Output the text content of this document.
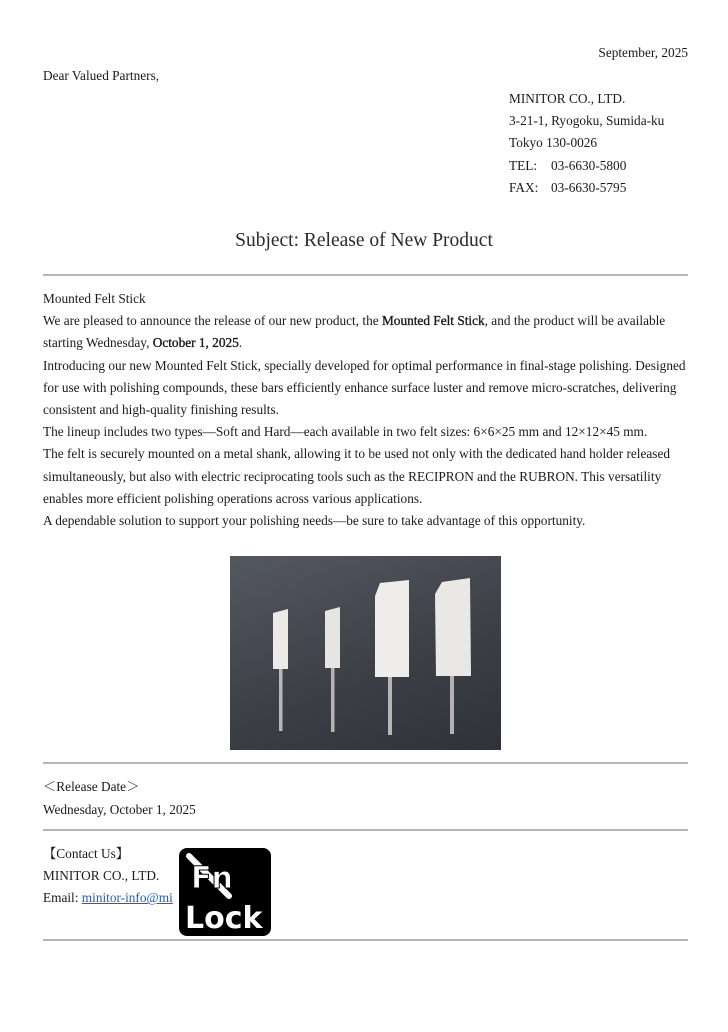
September, 2025
Dear Valued Partners,
MINITOR CO., LTD.
3-21-1, Ryogoku, Sumida-ku
Tokyo 130-0026
TEL: 03-6630-5800
FAX: 03-6630-5795
Subject: Release of New Product

Mounted Felt Stick

We are pleased to announce the release of our new product, the Mounted Felt Stick, and the product will be available starting Wednesday, October 1, 2025.

Introducing our new Mounted Felt Stick, specially developed for optimal performance in final-stage polishing. Designed for use with polishing compounds, these bars efficiently enhance surface luster and remove micro-scratches, delivering consistent and high-quality finishing results.

The lineup includes two types—Soft and Hard—each available in two felt sizes: 6×6×25 mm and 12×12×45 mm.

The felt is securely mounted on a metal shank, allowing it to be used not only with the dedicated hand holder released simultaneously, but also with electric reciprocating tools such as the RECIPRON and the RUBRON. This versatility enables more efficient polishing operations across various applications.

A dependable solution to support your polishing needs—be sure to take advantage of this opportunity.

＜Release Date＞
Wednesday, October 1, 2025
【Contact Us】
MINITOR CO., LTD.
Email: minitor-info@mi
Fn
Lock
